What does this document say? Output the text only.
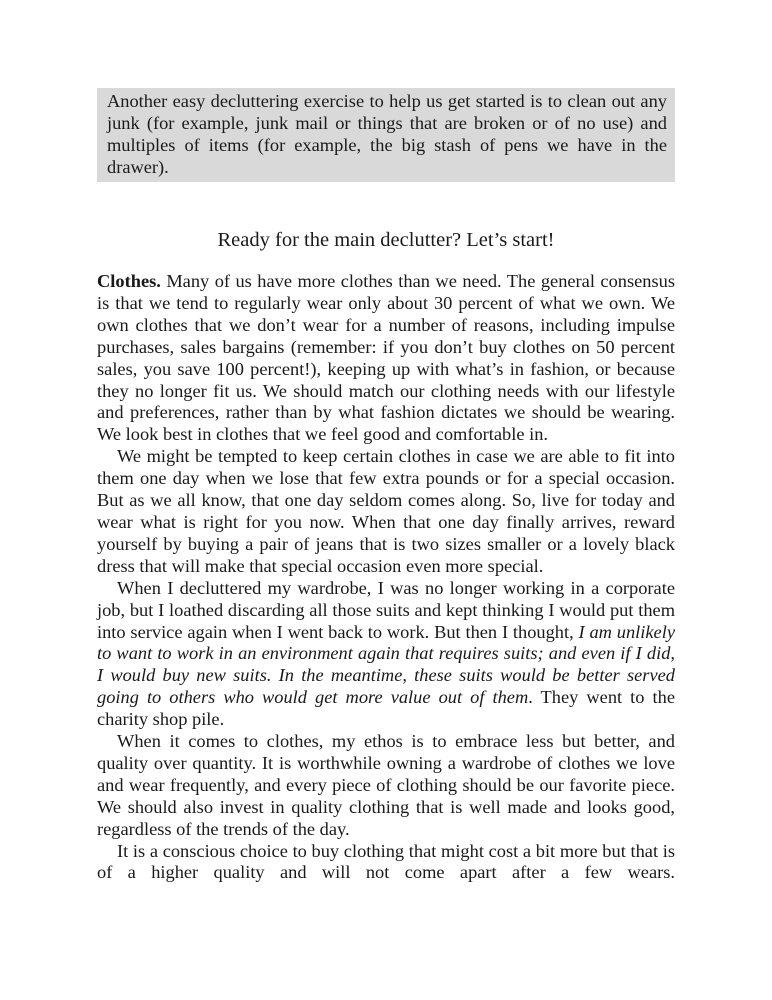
Another easy decluttering exercise to help us get started is to clean out any junk (for example, junk mail or things that are broken or of no use) and multiples of items (for example, the big stash of pens we have in the drawer).
Ready for the main declutter? Let’s start!

Clothes. Many of us have more clothes than we need. The general consensus is that we tend to regularly wear only about 30 percent of what we own. We own clothes that we don’t wear for a number of reasons, including impulse purchases, sales bargains (remember: if you don’t buy clothes on 50 percent sales, you save 100 percent!), keeping up with what’s in fashion, or because they no longer fit us. We should match our clothing needs with our lifestyle and preferences, rather than by what fashion dictates we should be wearing. We look best in clothes that we feel good and comfortable in.

We might be tempted to keep certain clothes in case we are able to fit into them one day when we lose that few extra pounds or for a special occasion. But as we all know, that one day seldom comes along. So, live for today and wear what is right for you now. When that one day finally arrives, reward yourself by buying a pair of jeans that is two sizes smaller or a lovely black dress that will make that special occasion even more special.

When I decluttered my wardrobe, I was no longer working in a corporate job, but I loathed discarding all those suits and kept thinking I would put them into service again when I went back to work. But then I thought, I am unlikely to want to work in an environment again that requires suits; and even if I did, I would buy new suits. In the meantime, these suits would be better served going to others who would get more value out of them. They went to the charity shop pile.

When it comes to clothes, my ethos is to embrace less but better, and quality over quantity. It is worthwhile owning a wardrobe of clothes we love and wear frequently, and every piece of clothing should be our favorite piece. We should also invest in quality clothing that is well made and looks good, regardless of the trends of the day.

It is a conscious choice to buy clothing that might cost a bit more but that is of a higher quality and will not come apart after a few wears.
